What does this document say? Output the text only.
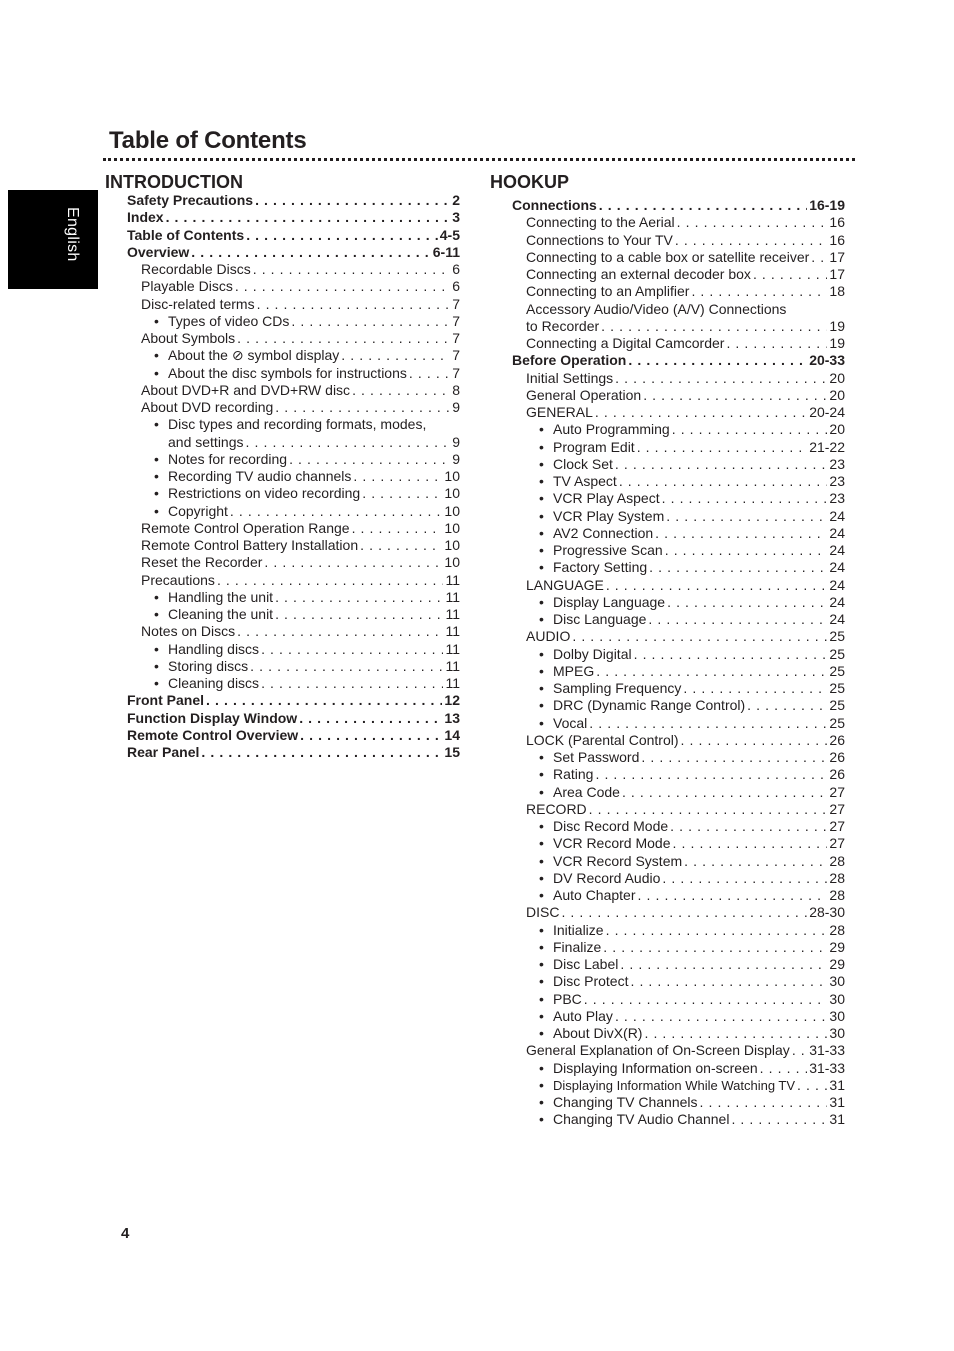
Table of Contents
English
INTRODUCTION
Safety Precautions . . .	2
Index . . .	3
Table of Contents . . .	4-5
Overview . . .	6-11
Recordable Discs . . .	6
Playable Discs . . .	6
Disc-related terms . . .	7
• Types of video CDs . . .	7
About Symbols . . .	7
• About the ⊘ symbol display . . .	7
• About the disc symbols for instructions . . .	7
About DVD+R and DVD+RW disc . . .	8
About DVD recording . . .	9
• Disc types and recording formats, modes,
and settings . . .	9
• Notes for recording . . .	9
• Recording TV audio channels . . .	10
• Restrictions on video recording . . .	10
• Copyright . . .	10
Remote Control Operation Range . . .	10
Remote Control Battery Installation . . .	10
Reset the Recorder . . .	10
Precautions . . .	11
• Handling the unit . . .	11
• Cleaning the unit . . .	11
Notes on Discs . . .	11
• Handling discs . . .	11
• Storing discs . . .	11
• Cleaning discs . . .	11
Front Panel . . .	12
Function Display Window . . .	13
Remote Control Overview . . .	14
Rear Panel . . .	15
HOOKUP
Connections . . .	16-19
Connecting to the Aerial . . .	16
Connections to Your TV . . .	16
Connecting to a cable box or satellite receiver . . . 17
Connecting an external decoder box . . .	17
Connecting to an Amplifier . . .	18
Accessory Audio/Video (A/V) Connections
to Recorder . . .	19
Connecting a Digital Camcorder . . .	19
Before Operation . . .	20-33
Initial Settings . . .	20
General Operation . . .	20
GENERAL . . .	20-24
• Auto Programming . . .	20
• Program Edit . . .	21-22
• Clock Set . . .	23
• TV Aspect . . .	23
• VCR Play Aspect . . .	23
• VCR Play System . . .	24
• AV2 Connection . . .	24
• Progressive Scan . . .	24
• Factory Setting . . .	24
LANGUAGE . . .	24
• Display Language . . .	24
• Disc Language . . .	24
AUDIO . . .	25
• Dolby Digital . . .	25
• MPEG . . .	25
• Sampling Frequency . . .	25
• DRC (Dynamic Range Control) . . .	25
• Vocal . . .	25
LOCK (Parental Control) . . .	26
• Set Password . . .	26
• Rating . . .	26
• Area Code . . .	27
RECORD . . .	27
• Disc Record Mode . . .	27
• VCR Record Mode . . .	27
• VCR Record System . . .	28
• DV Record Audio . . .	28
• Auto Chapter . . .	28
DISC . . .	28-30
• Initialize . . .	28
• Finalize . . .	29
• Disc Label . . .	29
• Disc Protect . . .	30
• PBC . . .	30
• Auto Play . . .	30
• About DivX(R) . . .	30
General Explanation of On-Screen Display . . . 31-33
• Displaying Information on-screen . . .	31-33
• Displaying Information While Watching TV . . . 31
• Changing TV Channels . . .	31
• Changing TV Audio Channel . . .	31
4
